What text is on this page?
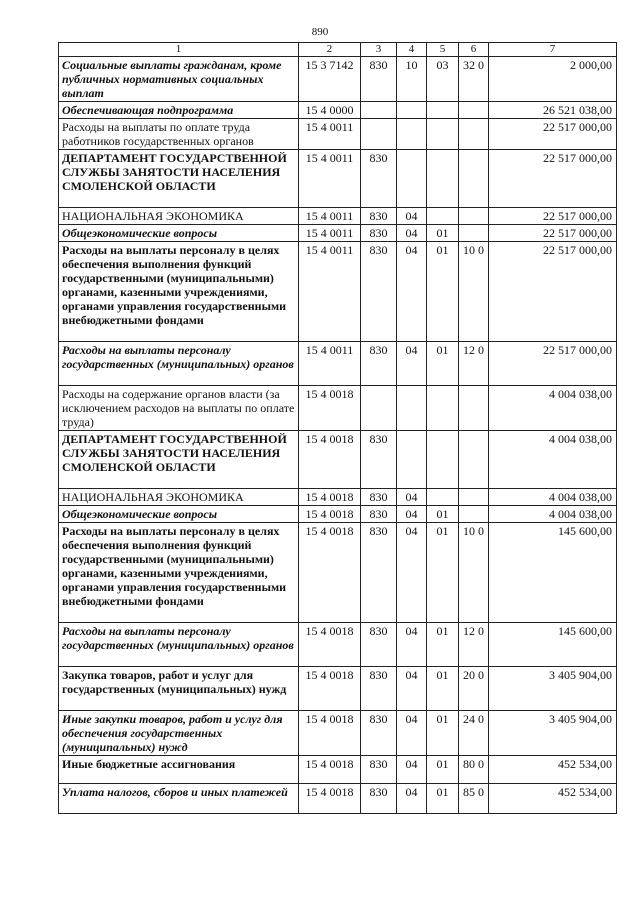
890
1	2	3	4	5	6	7
Социальные выплаты гражданам, кроме публичных нормативных социальных выплат	15 3 7142	830	10	03	32 0	2 000,00
Обеспечивающая подпрограмма	15 4 0000					26 521 038,00
Расходы на выплаты по оплате труда работников государственных органов	15 4 0011					22 517 000,00
ДЕПАРТАМЕНТ ГОСУДАРСТВЕННОЙ СЛУЖБЫ ЗАНЯТОСТИ НАСЕЛЕНИЯ СМОЛЕНСКОЙ ОБЛАСТИ	15 4 0011	830				22 517 000,00
НАЦИОНАЛЬНАЯ ЭКОНОМИКА	15 4 0011	830	04			22 517 000,00
Общеэкономические вопросы	15 4 0011	830	04	01		22 517 000,00
Расходы на выплаты персоналу в целях обеспечения выполнения функций государственными (муниципальными) органами, казенными учреждениями, органами управления государственными внебюджетными фондами	15 4 0011	830	04	01	10 0	22 517 000,00
Расходы на выплаты персоналу государственных (муниципальных) органов	15 4 0011	830	04	01	12 0	22 517 000,00
Расходы на содержание органов власти (за исключением расходов на выплаты по оплате труда)	15 4 0018					4 004 038,00
ДЕПАРТАМЕНТ ГОСУДАРСТВЕННОЙ СЛУЖБЫ ЗАНЯТОСТИ НАСЕЛЕНИЯ СМОЛЕНСКОЙ ОБЛАСТИ	15 4 0018	830				4 004 038,00
НАЦИОНАЛЬНАЯ ЭКОНОМИКА	15 4 0018	830	04			4 004 038,00
Общеэкономические вопросы	15 4 0018	830	04	01		4 004 038,00
Расходы на выплаты персоналу в целях обеспечения выполнения функций государственными (муниципальными) органами, казенными учреждениями, органами управления государственными внебюджетными фондами	15 4 0018	830	04	01	10 0	145 600,00
Расходы на выплаты персоналу государственных (муниципальных) органов	15 4 0018	830	04	01	12 0	145 600,00
Закупка товаров, работ и услуг для государственных (муниципальных) нужд	15 4 0018	830	04	01	20 0	3 405 904,00
Иные закупки товаров, работ и услуг для обеспечения государственных (муниципальных) нужд	15 4 0018	830	04	01	24 0	3 405 904,00
Иные бюджетные ассигнования	15 4 0018	830	04	01	80 0	452 534,00
Уплата налогов, сборов и иных платежей	15 4 0018	830	04	01	85 0	452 534,00
